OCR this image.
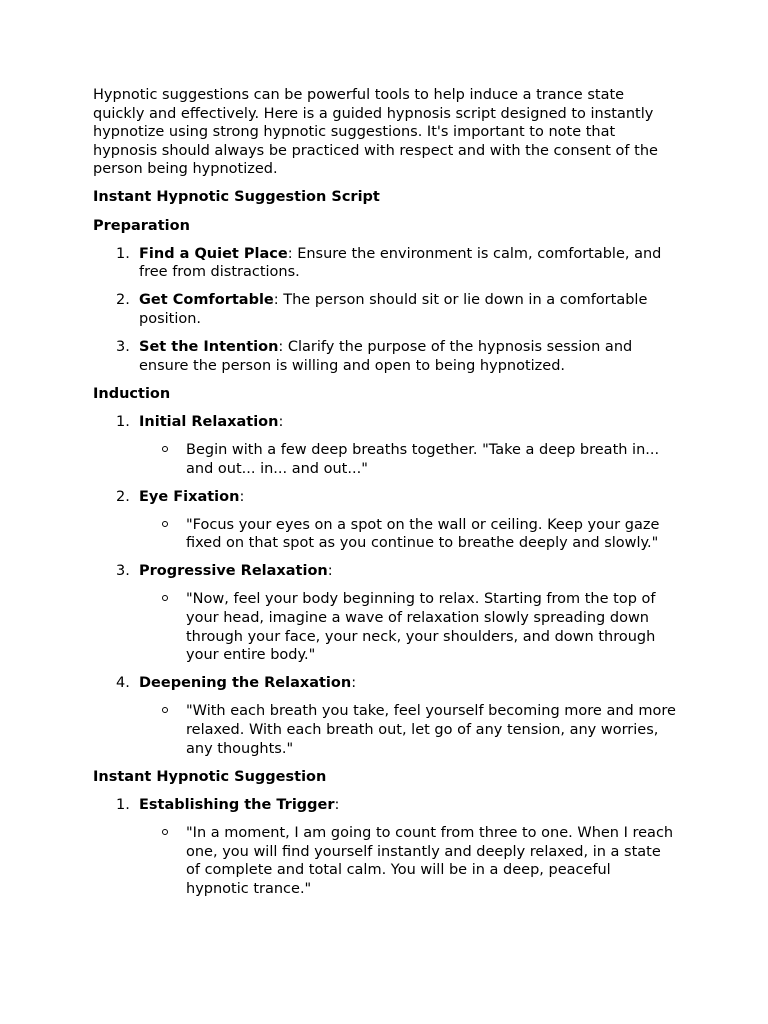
Hypnotic suggestions can be powerful tools to help induce a trance state quickly and effectively. Here is a guided hypnosis script designed to instantly hypnotize using strong hypnotic suggestions. It's important to note that hypnosis should always be practiced with respect and with the consent of the person being hypnotized.

Instant Hypnotic Suggestion Script

Preparation

1. Find a Quiet Place: Ensure the environment is calm, comfortable, and free from distractions.
2. Get Comfortable: The person should sit or lie down in a comfortable position.
3. Set the Intention: Clarify the purpose of the hypnosis session and ensure the person is willing and open to being hypnotized.

Induction

1. Initial Relaxation:
Begin with a few deep breaths together. "Take a deep breath in... and out... in... and out..."
2. Eye Fixation:
"Focus your eyes on a spot on the wall or ceiling. Keep your gaze fixed on that spot as you continue to breathe deeply and slowly."
3. Progressive Relaxation:
"Now, feel your body beginning to relax. Starting from the top of your head, imagine a wave of relaxation slowly spreading down through your face, your neck, your shoulders, and down through your entire body."
4. Deepening the Relaxation:
"With each breath you take, feel yourself becoming more and more relaxed. With each breath out, let go of any tension, any worries, any thoughts."

Instant Hypnotic Suggestion

1. Establishing the Trigger:
"In a moment, I am going to count from three to one. When I reach one, you will find yourself instantly and deeply relaxed, in a state of complete and total calm. You will be in a deep, peaceful hypnotic trance."
